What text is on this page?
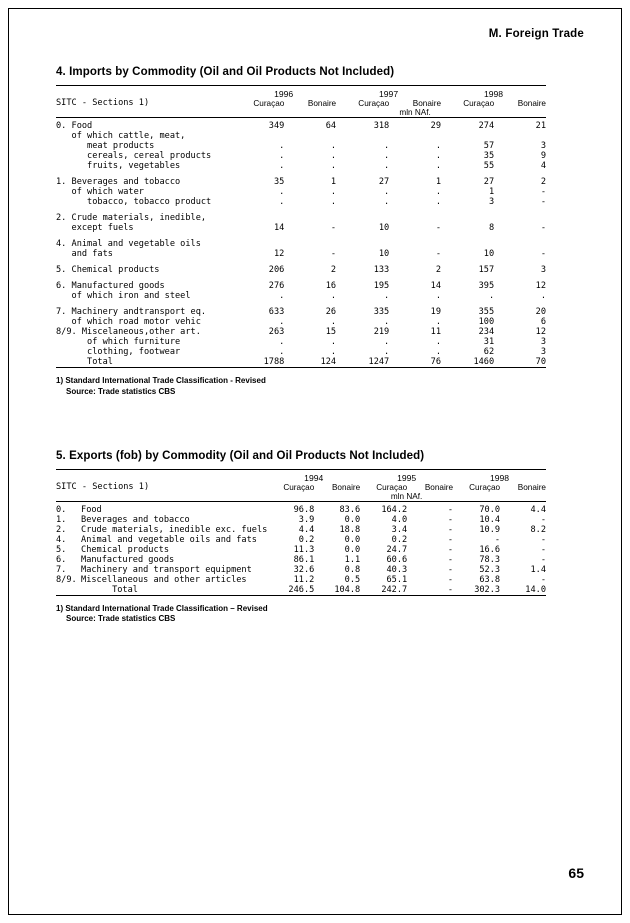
M. Foreign Trade
4. Imports by Commodity (Oil and Oil Products Not Included)

SITC - Sections 1)	1996		1997		1998	
	Curaçao	Bonaire	Curaçao	Bonaire	Curaçao	Bonaire
				mln NAf.		

0. Food	349	64	318	29	274	21
of which cattle, meat,						
meat products	.	.	.	.	57	3
cereals, cereal products	.	.	.	.	35	9
fruits, vegetables	.	.	.	.	55	4

1. Beverages and tobacco	35	1	27	1	27	2
of which water	.	.	.	.	1	-
tobacco, tobacco product	.	.	.	.	3	-

2. Crude materials, inedible,						
except fuels	14	-	10	-	8	-

4. Animal and vegetable oils						
and fats	12	-	10	-	10	-

5. Chemical products	206	2	133	2	157	3

6. Manufactured goods	276	16	195	14	395	12
of which iron and steel	.	.	.	.	.	.

7. Machinery andtransport eq.	633	26	335	19	355	20
of which road motor vehic	.	.	.	.	100	6
8/9. Miscelaneous,other art.	263	15	219	11	234	12
of which furniture	.	.	.	.	31	3
clothing, footwear	.	.	.	.	62	3
Total	1788	124	1247	76	1460	70

1) Standard International Trade Classification - Revised
Source: Trade statistics CBS
5. Exports (fob) by Commodity (Oil and Oil Products Not Included)

SITC - Sections 1)		1994		1995		1998	
		Curaçao	Bonaire	Curaçao	Bonaire	Curaçao	Bonaire
				mln NAf.			

0.	Food	96.8	83.6	164.2	-	70.0	4.4
1.	Beverages and tobacco	3.9	0.0	4.0	-	10.4	-
2.	Crude materials, inedible exc. fuels	4.4	18.8	3.4	-	10.9	8.2
4.	Animal and vegetable oils and fats	0.2	0.0	0.2	-	-	-
5.	Chemical products	11.3	0.0	24.7	-	16.6	-
6.	Manufactured goods	86.1	1.1	60.6	-	78.3	-
7.	Machinery and transport equipment	32.6	0.8	40.3	-	52.3	1.4
8/9.	Miscellaneous and other articles	11.2	0.5	65.1	-	63.8	-
	Total	246.5	104.8	242.7	-	302.3	14.0

1) Standard International Trade Classification – Revised
Source: Trade statistics CBS
65
